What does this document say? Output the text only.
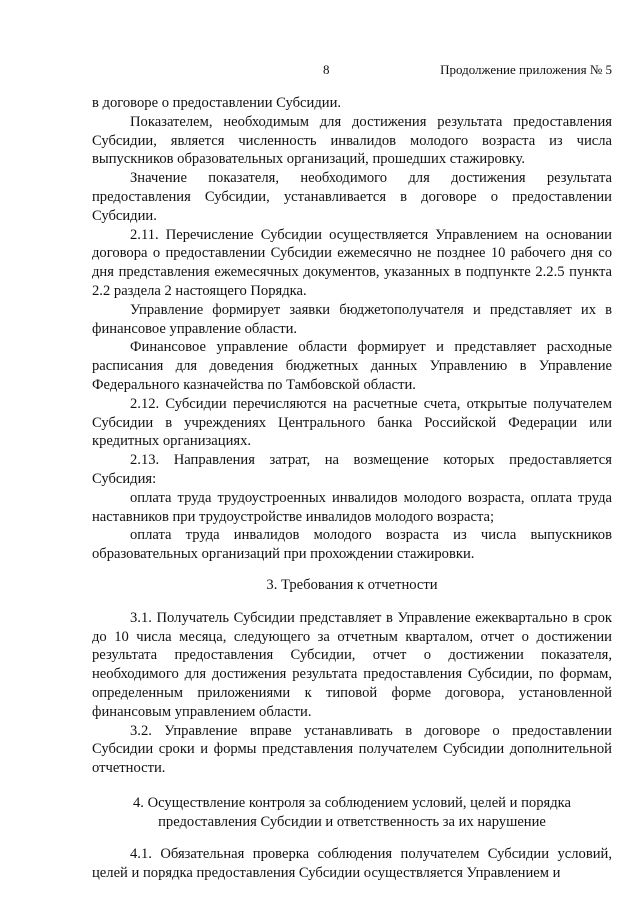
8	Продолжение приложения № 5

в договоре о предоставлении Субсидии.

Показателем, необходимым для достижения результата предоставления Субсидии, является численность инвалидов молодого возраста из числа выпускников образовательных организаций, прошедших стажировку.

Значение показателя, необходимого для достижения результата предоставления Субсидии, устанавливается в договоре о предоставлении Субсидии.

2.11. Перечисление Субсидии осуществляется Управлением на основании договора о предоставлении Субсидии ежемесячно не позднее 10 рабочего дня со дня представления ежемесячных документов, указанных в подпункте 2.2.5 пункта 2.2 раздела 2 настоящего Порядка.

Управление формирует заявки бюджетополучателя и представляет их в финансовое управление области.

Финансовое управление области формирует и представляет расходные расписания для доведения бюджетных данных Управлению в Управление Федерального казначейства по Тамбовской области.

2.12. Субсидии перечисляются на расчетные счета, открытые получателем Субсидии в учреждениях Центрального банка Российской Федерации или кредитных организациях.

2.13. Направления затрат, на возмещение которых предоставляется Субсидия:

оплата труда трудоустроенных инвалидов молодого возраста, оплата труда наставников при трудоустройстве инвалидов молодого возраста;

оплата труда инвалидов молодого возраста из числа выпускников образовательных организаций при прохождении стажировки.

3. Требования к отчетности

3.1. Получатель Субсидии представляет в Управление ежеквартально в срок до 10 числа месяца, следующего за отчетным кварталом, отчет о достижении результата предоставления Субсидии, отчет о достижении показателя, необходимого для достижения результата предоставления Субсидии, по формам, определенным приложениями к типовой форме договора, установленной финансовым управлением области.

3.2. Управление вправе устанавливать в договоре о предоставлении Субсидии сроки и формы представления получателем Субсидии дополнительной отчетности.

4. Осуществление контроля за соблюдением условий, целей и порядка предоставления Субсидии и ответственность за их нарушение

4.1. Обязательная проверка соблюдения получателем Субсидии условий, целей и порядка предоставления Субсидии осуществляется Управлением и
